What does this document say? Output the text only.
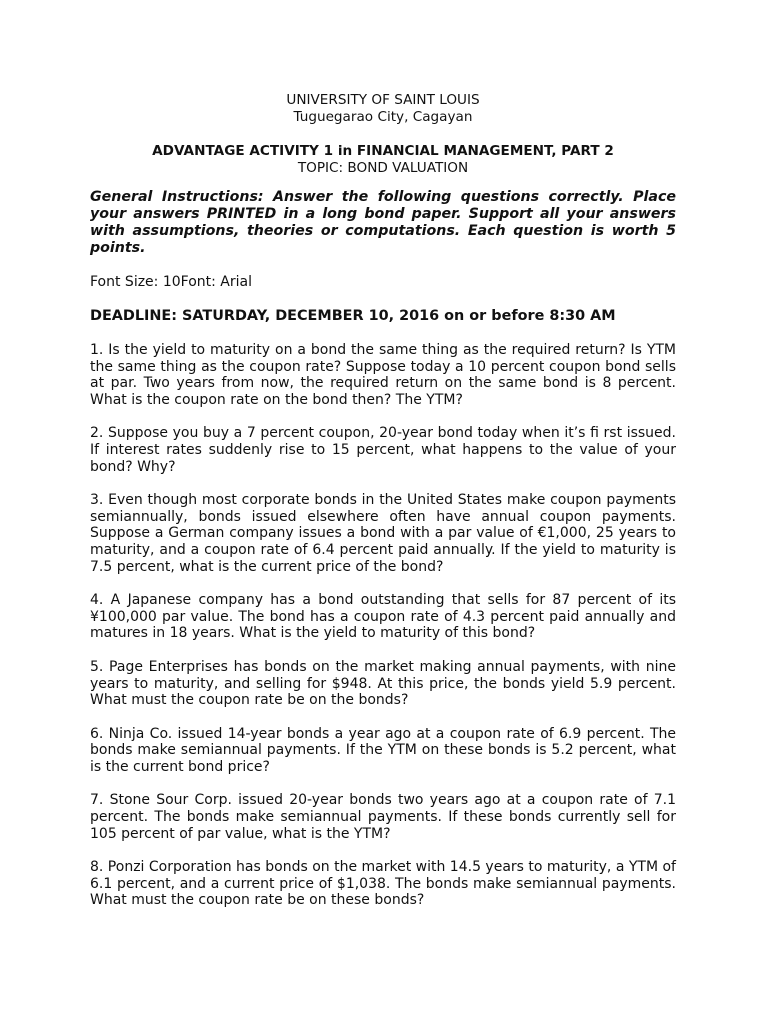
UNIVERSITY OF SAINT LOUIS
Tuguegarao City, Cagayan
ADVANTAGE ACTIVITY 1 in FINANCIAL MANAGEMENT, PART 2
TOPIC: BOND VALUATION
General Instructions: Answer the following questions correctly. Place your answers PRINTED in a long bond paper. Support all your answers with assumptions, theories or computations. Each question is worth 5 points.
Font Size: 10Font: Arial
DEADLINE: SATURDAY, DECEMBER 10, 2016 on or before 8:30 AM

1. Is the yield to maturity on a bond the same thing as the required return? Is YTM the same thing as the coupon rate? Suppose today a 10 percent coupon bond sells at par. Two years from now, the required return on the same bond is 8 percent. What is the coupon rate on the bond then? The YTM?

2. Suppose you buy a 7 percent coupon, 20-year bond today when it’s fi rst issued. If interest rates suddenly rise to 15 percent, what happens to the value of your bond? Why?

3. Even though most corporate bonds in the United States make coupon payments semiannually, bonds issued elsewhere often have annual coupon payments. Suppose a German company issues a bond with a par value of €1,000, 25 years to maturity, and a coupon rate of 6.4 percent paid annually. If the yield to maturity is 7.5 percent, what is the current price of the bond?

4. A Japanese company has a bond outstanding that sells for 87 percent of its ¥100,000 par value. The bond has a coupon rate of 4.3 percent paid annually and matures in 18 years. What is the yield to maturity of this bond?

5. Page Enterprises has bonds on the market making annual payments, with nine years to maturity, and selling for $948. At this price, the bonds yield 5.9 percent. What must the coupon rate be on the bonds?

6. Ninja Co. issued 14-year bonds a year ago at a coupon rate of 6.9 percent. The bonds make semiannual payments. If the YTM on these bonds is 5.2 percent, what is the current bond price?

7. Stone Sour Corp. issued 20-year bonds two years ago at a coupon rate of 7.1 percent. The bonds make semiannual payments. If these bonds currently sell for 105 percent of par value, what is the YTM?

8. Ponzi Corporation has bonds on the market with 14.5 years to maturity, a YTM of 6.1 percent, and a current price of $1,038. The bonds make semiannual payments. What must the coupon rate be on these bonds?
